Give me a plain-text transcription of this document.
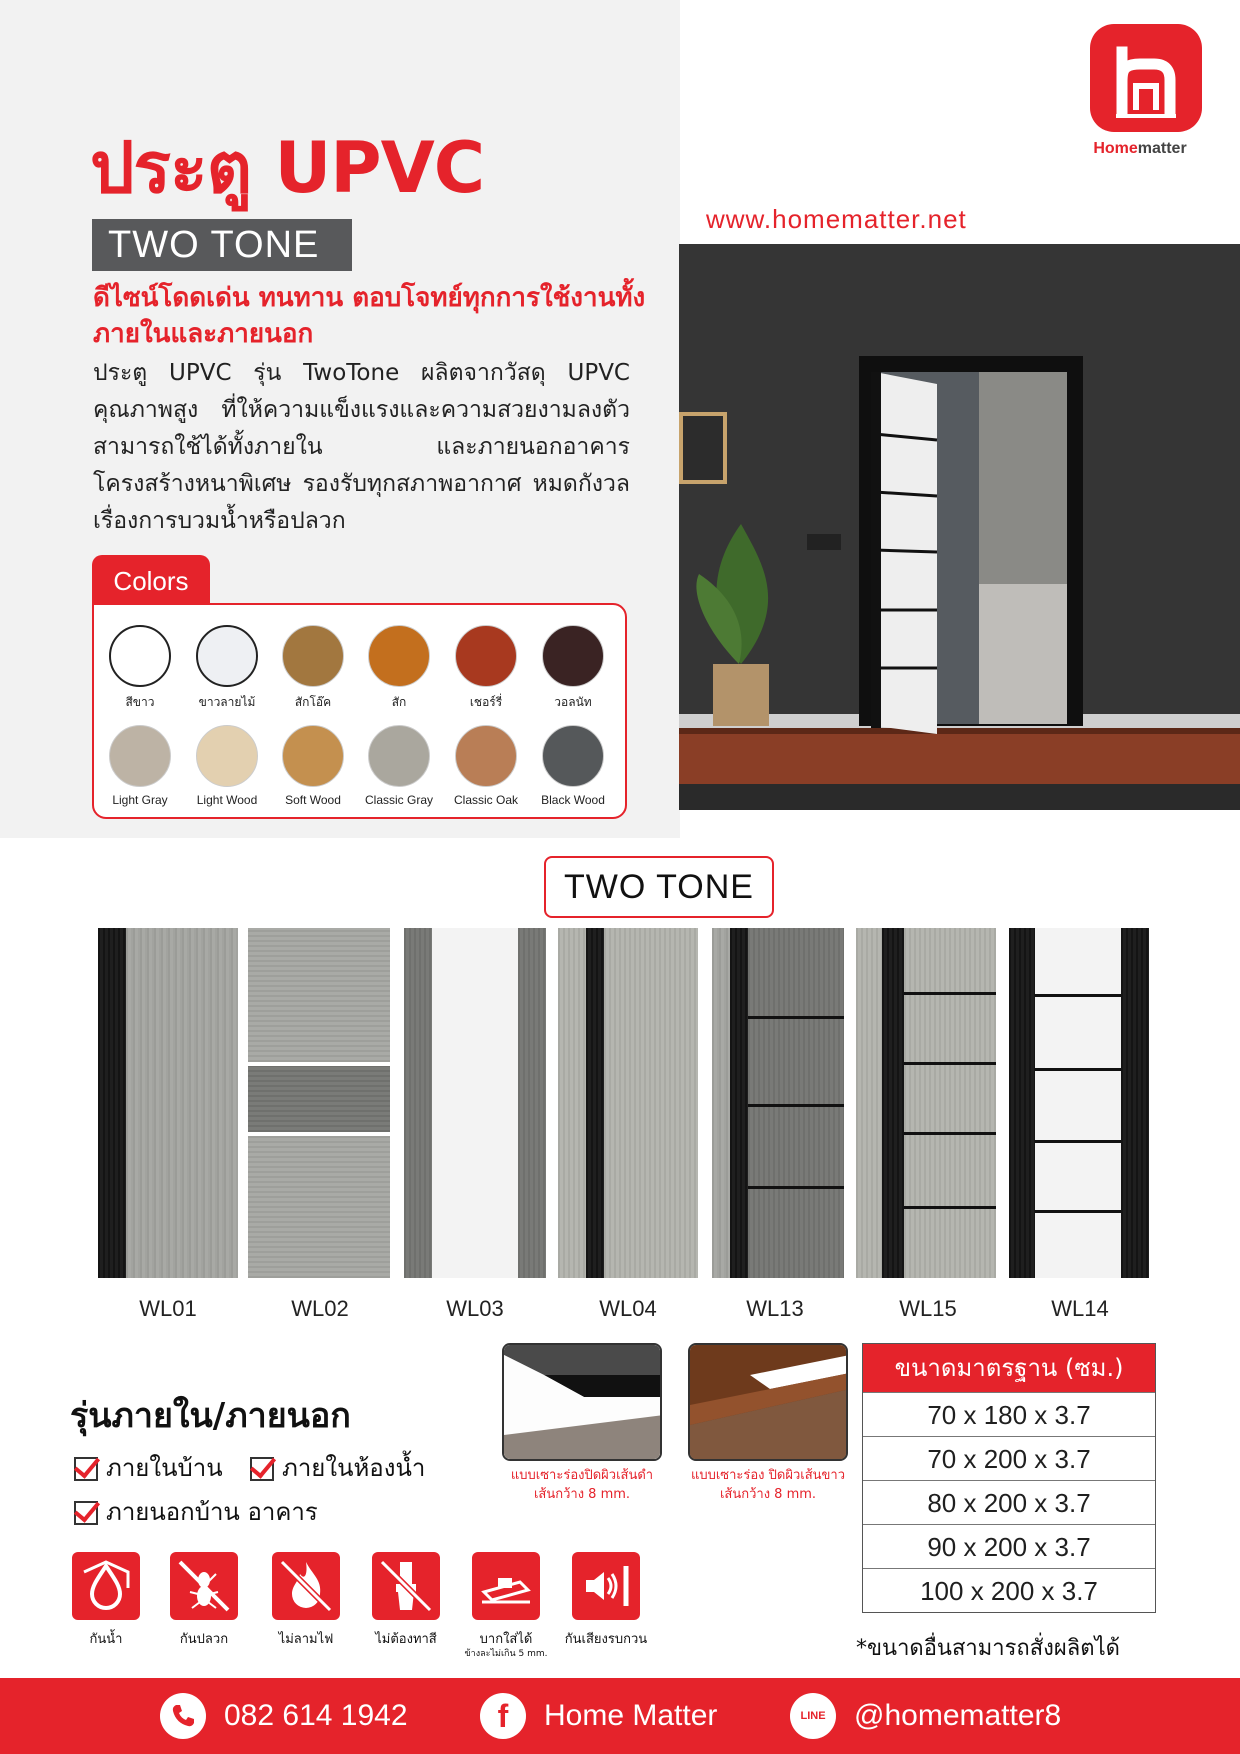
ประตู UPVC
TWO TONE
ดีไซน์โดดเด่น ทนทาน ตอบโจทย์ทุกการใช้งานทั้งภายในและภายนอก
ประตู UPVC รุ่น TwoTone ผลิตจากวัสดุ UPVC คุณภาพสูง ที่ให้ความแข็งแรงและความสวยงามลงตัว สามารถใช้ได้ทั้งภายใน และภายนอกอาคาร โครงสร้างหนาพิเศษ รองรับทุกสภาพอากาศ หมดกังวลเรื่องการบวมน้ำหรือปลวก
Colors
สีขาว	ขาวลายไม้	สักโอ๊ค	สัก	เชอร์รี่	วอลนัท
Light Gray	Light Wood	Soft Wood	Classic Gray	Classic Oak	Black Wood
Homematter
www.homematter.net
TWO TONE
WL01	WL02	WL03	WL04	WL13	WL15	WL14
รุ่นภายใน/ภายนอก
ภายในบ้าน	ภายในห้องน้ำ
ภายนอกบ้าน อาคาร
กันน้ำ	กันปลวก	ไม่ลามไฟ	ไม่ต้องทาสี	บากใส่ได้
ข้างละไม่เกิน 5 mm.
กันเสียงรบกวน
แบบเซาะร่องปิดผิวเส้นดำ
เส้นกว้าง 8 mm.
แบบเซาะร่อง ปิดผิวเส้นขาว
เส้นกว้าง 8 mm.
ขนาดมาตรฐาน (ซม.)
70 x 180 x 3.7
70 x 200 x 3.7
80 x 200 x 3.7
90 x 200 x 3.7
100 x 200 x 3.7
*ขนาดอื่นสามารถสั่งผลิตได้
082 614 1942	f	Home Matter	LINE @homematter8
